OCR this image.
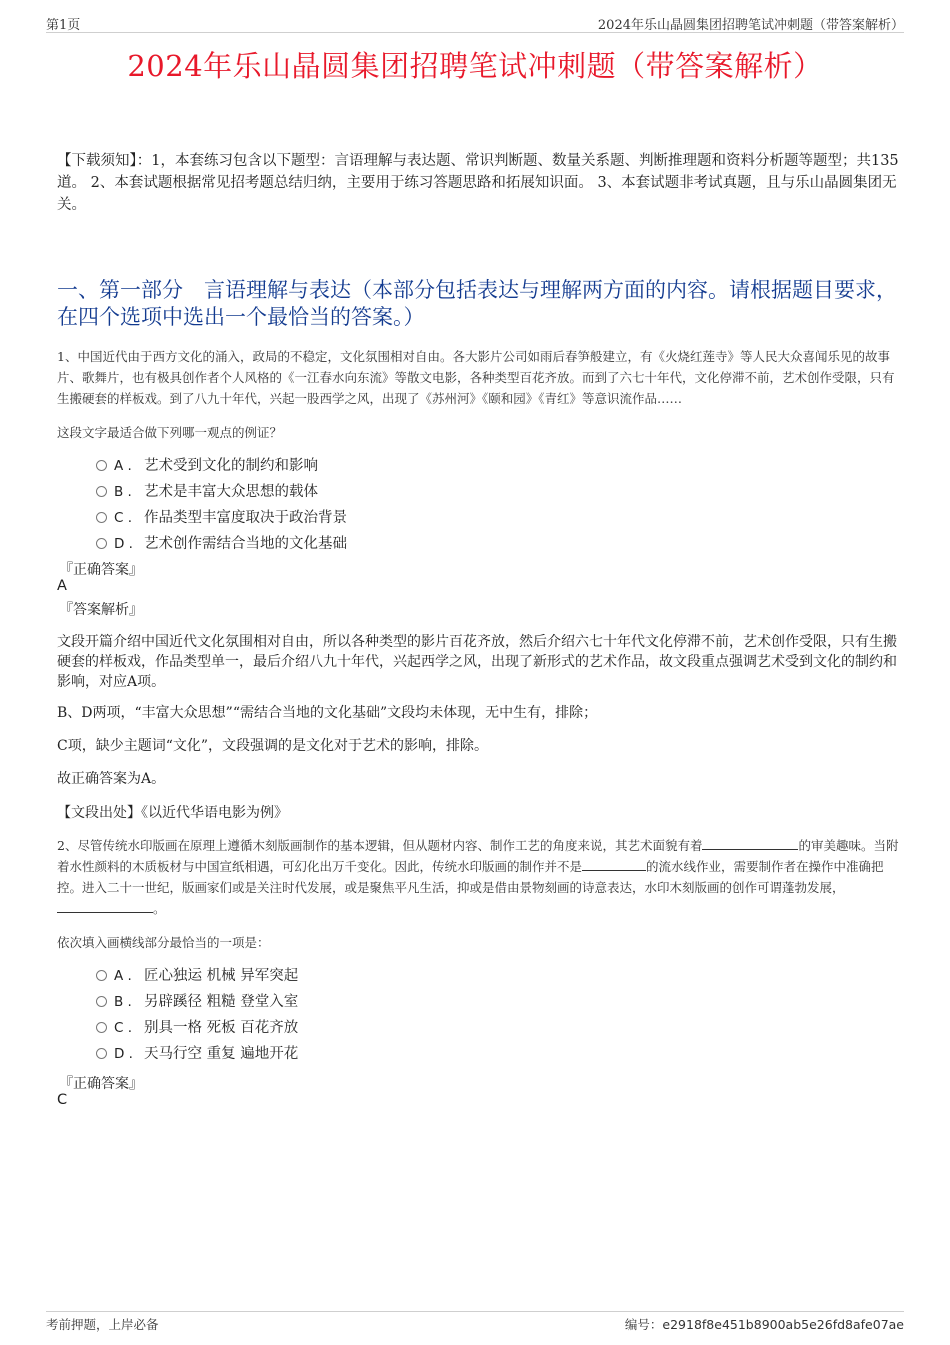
第1页	2024年乐山晶圆集团招聘笔试冲刺题（带答案解析）
2024年乐山晶圆集团招聘笔试冲刺题（带答案解析）
【下载须知】：1，本套练习包含以下题型：言语理解与表达题、常识判断题、数量关系题、判断推理题和资料分析题等题型；共135道。 2、本套试题根据常见招考题总结归纳，主要用于练习答题思路和拓展知识面。 3、本套试题非考试真题，且与乐山晶圆集团无关。
一、第一部分　言语理解与表达（本部分包括表达与理解两方面的内容。请根据题目要求，在四个选项中选出一个最恰当的答案。）
1、中国近代由于西方文化的涌入，政局的不稳定，文化氛围相对自由。各大影片公司如雨后春笋般建立，有《火烧红莲寺》等人民大众喜闻乐见的故事片、歌舞片，也有极具创作者个人风格的《一江春水向东流》等散文电影，各种类型百花齐放。而到了六七十年代，文化停滞不前，艺术创作受限，只有生搬硬套的样板戏。到了八九十年代，兴起一股西学之风，出现了《苏州河》《颐和园》《青红》等意识流作品……
这段文字最适合做下列哪一观点的例证？
A . 艺术受到文化的制约和影响
B . 艺术是丰富大众思想的载体
C . 作品类型丰富度取决于政治背景
D . 艺术创作需结合当地的文化基础
『正确答案』
A
『答案解析』
文段开篇介绍中国近代文化氛围相对自由，所以各种类型的影片百花齐放，然后介绍六七十年代文化停滞不前，艺术创作受限，只有生搬硬套的样板戏，作品类型单一，最后介绍八九十年代，兴起西学之风，出现了新形式的艺术作品，故文段重点强调艺术受到文化的制约和影响，对应A项。
B、D两项，“丰富大众思想”“需结合当地的文化基础”文段均未体现，无中生有，排除；
C项，缺少主题词“文化”，文段强调的是文化对于艺术的影响，排除。
故正确答案为A。
【文段出处】《以近代华语电影为例》
2、尽管传统水印版画在原理上遵循木刻版画制作的基本逻辑，但从题材内容、制作工艺的角度来说，其艺术面貌有着	的审美趣味。当附着水性颜料的木质板材与中国宣纸相遇，可幻化出万千变化。因此，传统水印版画的制作并不是	的流水线作业，需要制作者在操作中准确把控。进入二十一世纪，版画家们或是关注时代发展，或是聚焦平凡生活，抑或是借由景物刻画的诗意表达，水印木刻版画的创作可谓蓬勃发展，。
依次填入画横线部分最恰当的一项是：
A . 匠心独运 机械 异军突起
B . 另辟蹊径 粗糙 登堂入室
C . 别具一格 死板 百花齐放
D . 天马行空 重复 遍地开花
『正确答案』
C
考前押题，上岸必备	编号：e2918f8e451b8900ab5e26fd8afe07ae
